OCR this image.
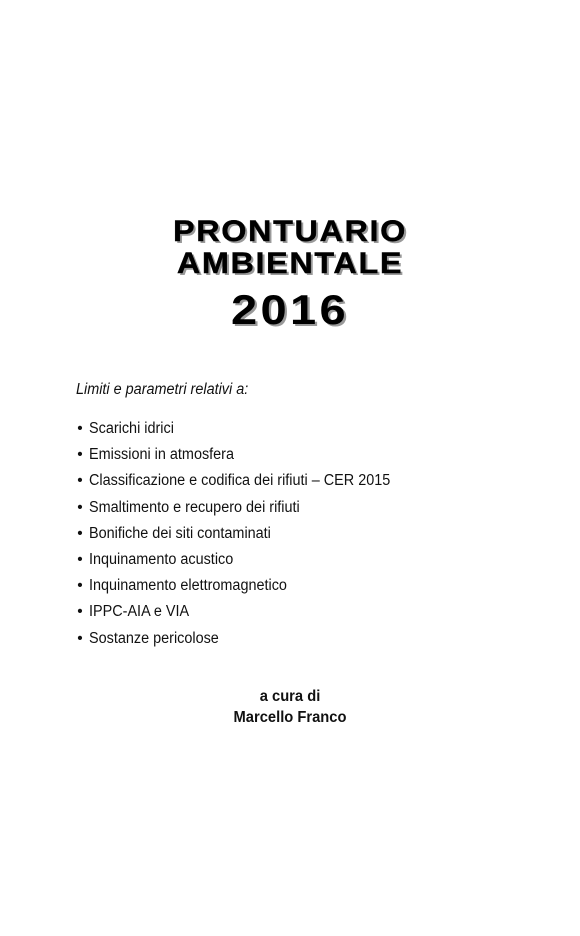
PRONTUARIO
AMBIENTALE
2016
Limiti e parametri relativi a:
• Scarichi idrici
• Emissioni in atmosfera
• Classificazione e codifica dei rifiuti – CER 2015
• Smaltimento e recupero dei rifiuti
• Bonifiche dei siti contaminati
• Inquinamento acustico
• Inquinamento elettromagnetico
• IPPC-AIA e VIA
• Sostanze pericolose
a cura di
Marcello Franco
